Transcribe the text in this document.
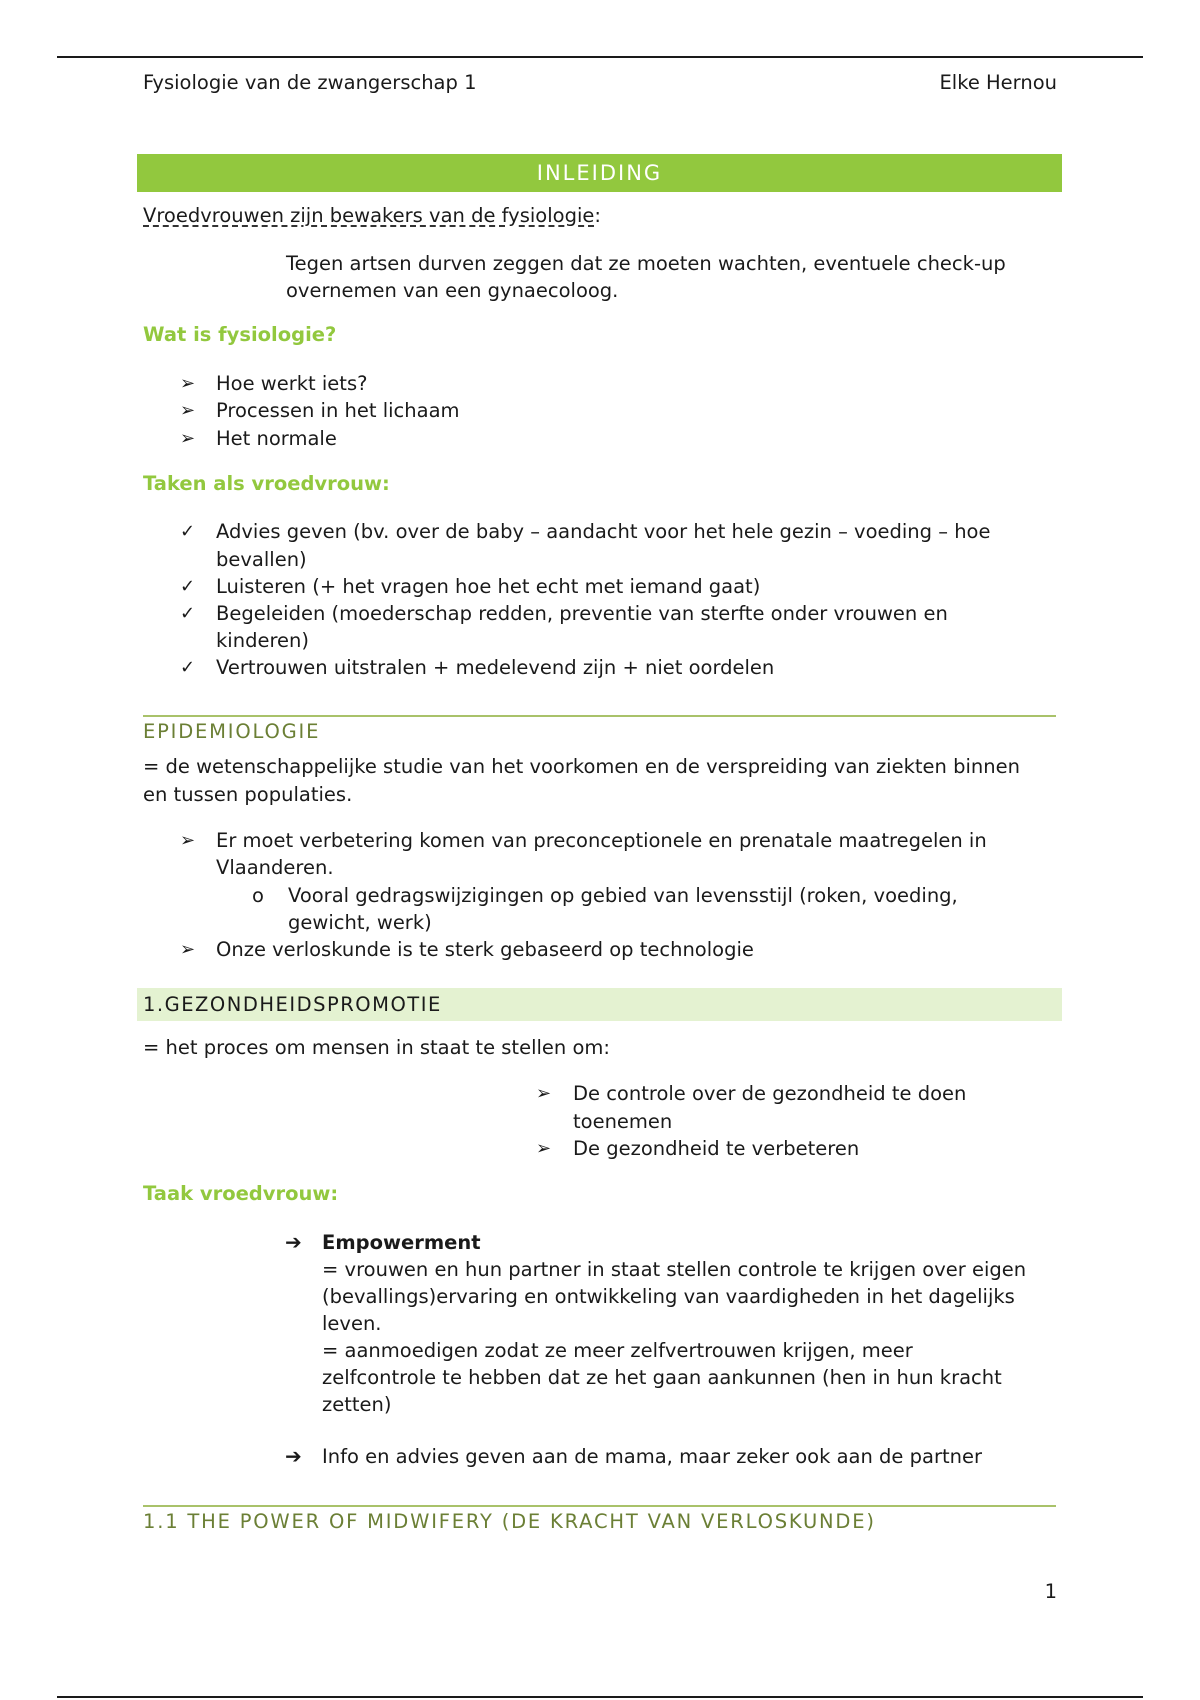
Fysiologie van de zwangerschap 1	Elke Hernou
INLEIDING
Vroedvrouwen zijn bewakers van de fysiologie:
Tegen artsen durven zeggen dat ze moeten wachten, eventuele check-up
overnemen van een gynaecoloog.
Wat is fysiologie?
➢ Hoe werkt iets?
➢ Processen in het lichaam
➢ Het normale
Taken als vroedvrouw:
✓ Advies geven (bv. over de baby – aandacht voor het hele gezin – voeding – hoe
bevallen)
✓ Luisteren (+ het vragen hoe het echt met iemand gaat)
✓ Begeleiden (moederschap redden, preventie van sterfte onder vrouwen en
kinderen)
✓ Vertrouwen uitstralen + medelevend zijn + niet oordelen
EPIDEMIOLOGIE
= de wetenschappelijke studie van het voorkomen en de verspreiding van ziekten binnen
en tussen populaties.
➢ Er moet verbetering komen van preconceptionele en prenatale maatregelen in
Vlaanderen.
o Vooral gedragswijzigingen op gebied van levensstijl (roken, voeding,
gewicht, werk)
➢ Onze verloskunde is te sterk gebaseerd op technologie
1.GEZONDHEIDSPROMOTIE
= het proces om mensen in staat te stellen om:
➢ De controle over de gezondheid te doen
toenemen
➢ De gezondheid te verbeteren
Taak vroedvrouw:
➔ Empowerment
= vrouwen en hun partner in staat stellen controle te krijgen over eigen
(bevallings)ervaring en ontwikkeling van vaardigheden in het dagelijks
leven.
= aanmoedigen zodat ze meer zelfvertrouwen krijgen, meer
zelfcontrole te hebben dat ze het gaan aankunnen (hen in hun kracht
zetten)
➔ Info en advies geven aan de mama, maar zeker ook aan de partner
1.1 THE POWER OF MIDWIFERY (DE KRACHT VAN VERLOSKUNDE)
1
